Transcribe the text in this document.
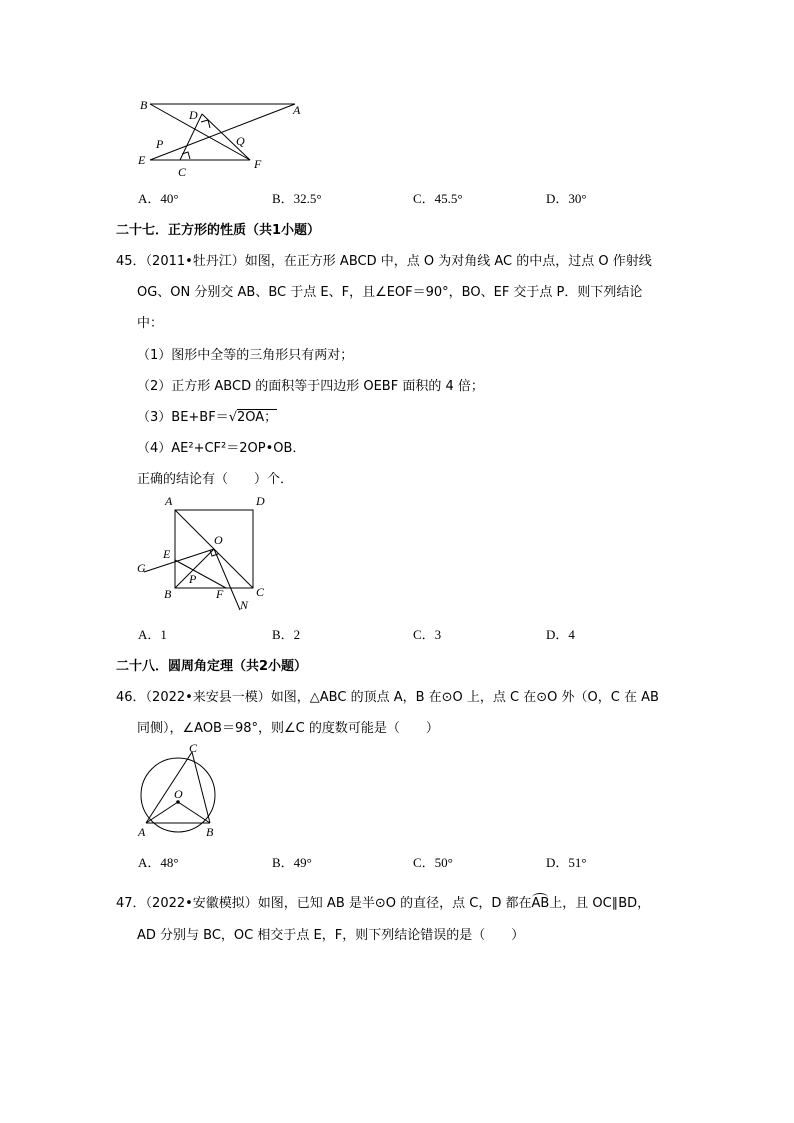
B	A
D
P	Q
E
C
F
A．40°	B．32.5°	C．45.5°	D．30°
二十七．正方形的性质（共1小题）
45．（2011•牡丹江）如图，在正方形 ABCD 中，点 O 为对角线 AC 的中点，过点 O 作射线
OG、ON 分别交 AB、BC 于点 E、F，且∠EOF＝90°，BO、EF 交于点 P．则下列结论
中：
（1）图形中全等的三角形只有两对；
（2）正方形 ABCD 的面积等于四边形 OEBF 面积的 4 倍；
（3）BE+BF＝√2OA；
（4）AE²+CF²＝2OP•OB．
正确的结论有（　　）个．
A	D
O
E
G
P
B	F	C
N
A．1	B．2	C．3	D．4
二十八．圆周角定理（共2小题）
46．（2022•来安县一模）如图，△ABC 的顶点 A，B 在⊙O 上，点 C 在⊙O 外（O，C 在 AB
同侧），∠AOB＝98°，则∠C 的度数可能是（　　）
C
O
A	B
A．48°	B．49°	C．50°	D．51°
47．（2022•安徽模拟）如图，已知 AB 是半⊙O 的直径，点 C，D 都在AB上，且 OC∥BD，
AD 分别与 BC，OC 相交于点 E，F，则下列结论错误的是（　　）
